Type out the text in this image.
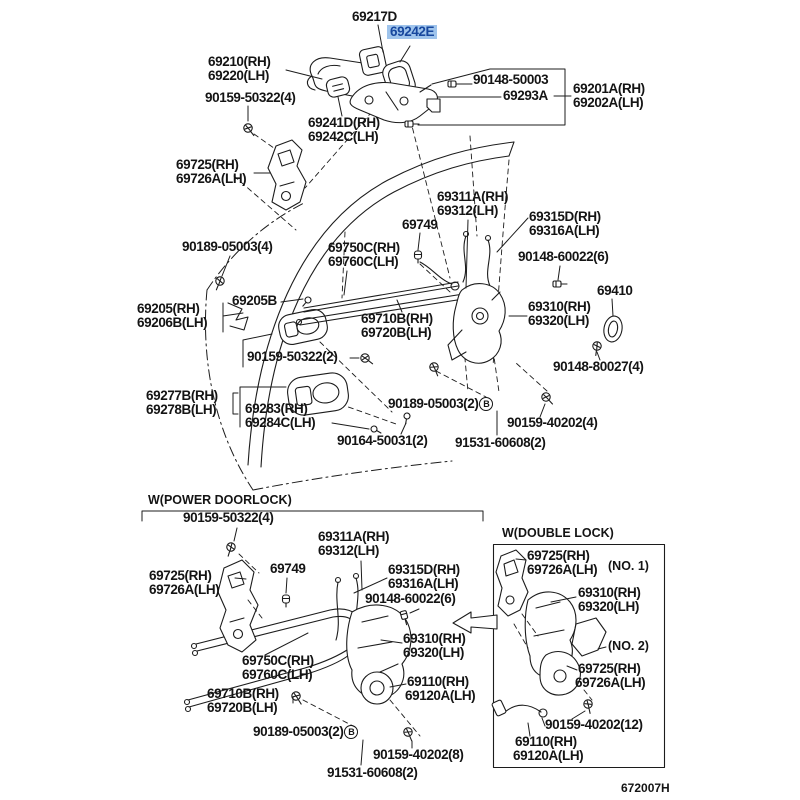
69217D
69242E
69210(RH)
69220(LH)
90159-50322(4)
69241D(RH)
69242C(LH)
90148-50003
69293A 69201A(RH)
69202A(LH)
69725(RH)
69726A(LH)
90189-05003(4)
69749
69750C(RH)
69760C(LH)
69311A(RH)
69312(LH) 69315D(RH)
69316A(LH)
90148-60022(6)
69410
69310(RH)
69320(LH)
69205B
69205(RH)
69206B(LH)	69710B(RH)
69720B(LH)
90159-50322(2)
90148-80027(4)
69277B(RH)
69278B(LH) 69283(RH)
69284C(LH)
90189-05003(2) B
90164-50031(2)
90159-40202(4)
91531-60608(2)
W(POWER DOORLOCK)
90159-50322(4)
69311A(RH)
69312(LH)
69725(RH)
69726A(LH)
69749	69315D(RH)
69316A(LH)
90148-60022(6)
69310(RH)
69320(LH)
69750C(RH)
69760C(LH)	69110(RH)
69120A(LH)
69710B(RH)
69720B(LH)
90189-05003(2) B
90159-40202(8)
91531-60608(2)
W(DOUBLE LOCK)
69725(RH)
69726A(LH) (NO. 1)
69310(RH)
69320(LH)
(NO. 2)
69725(RH)
69726A(LH)
90159-40202(12)
69110(RH)
69120A(LH)
672007H
